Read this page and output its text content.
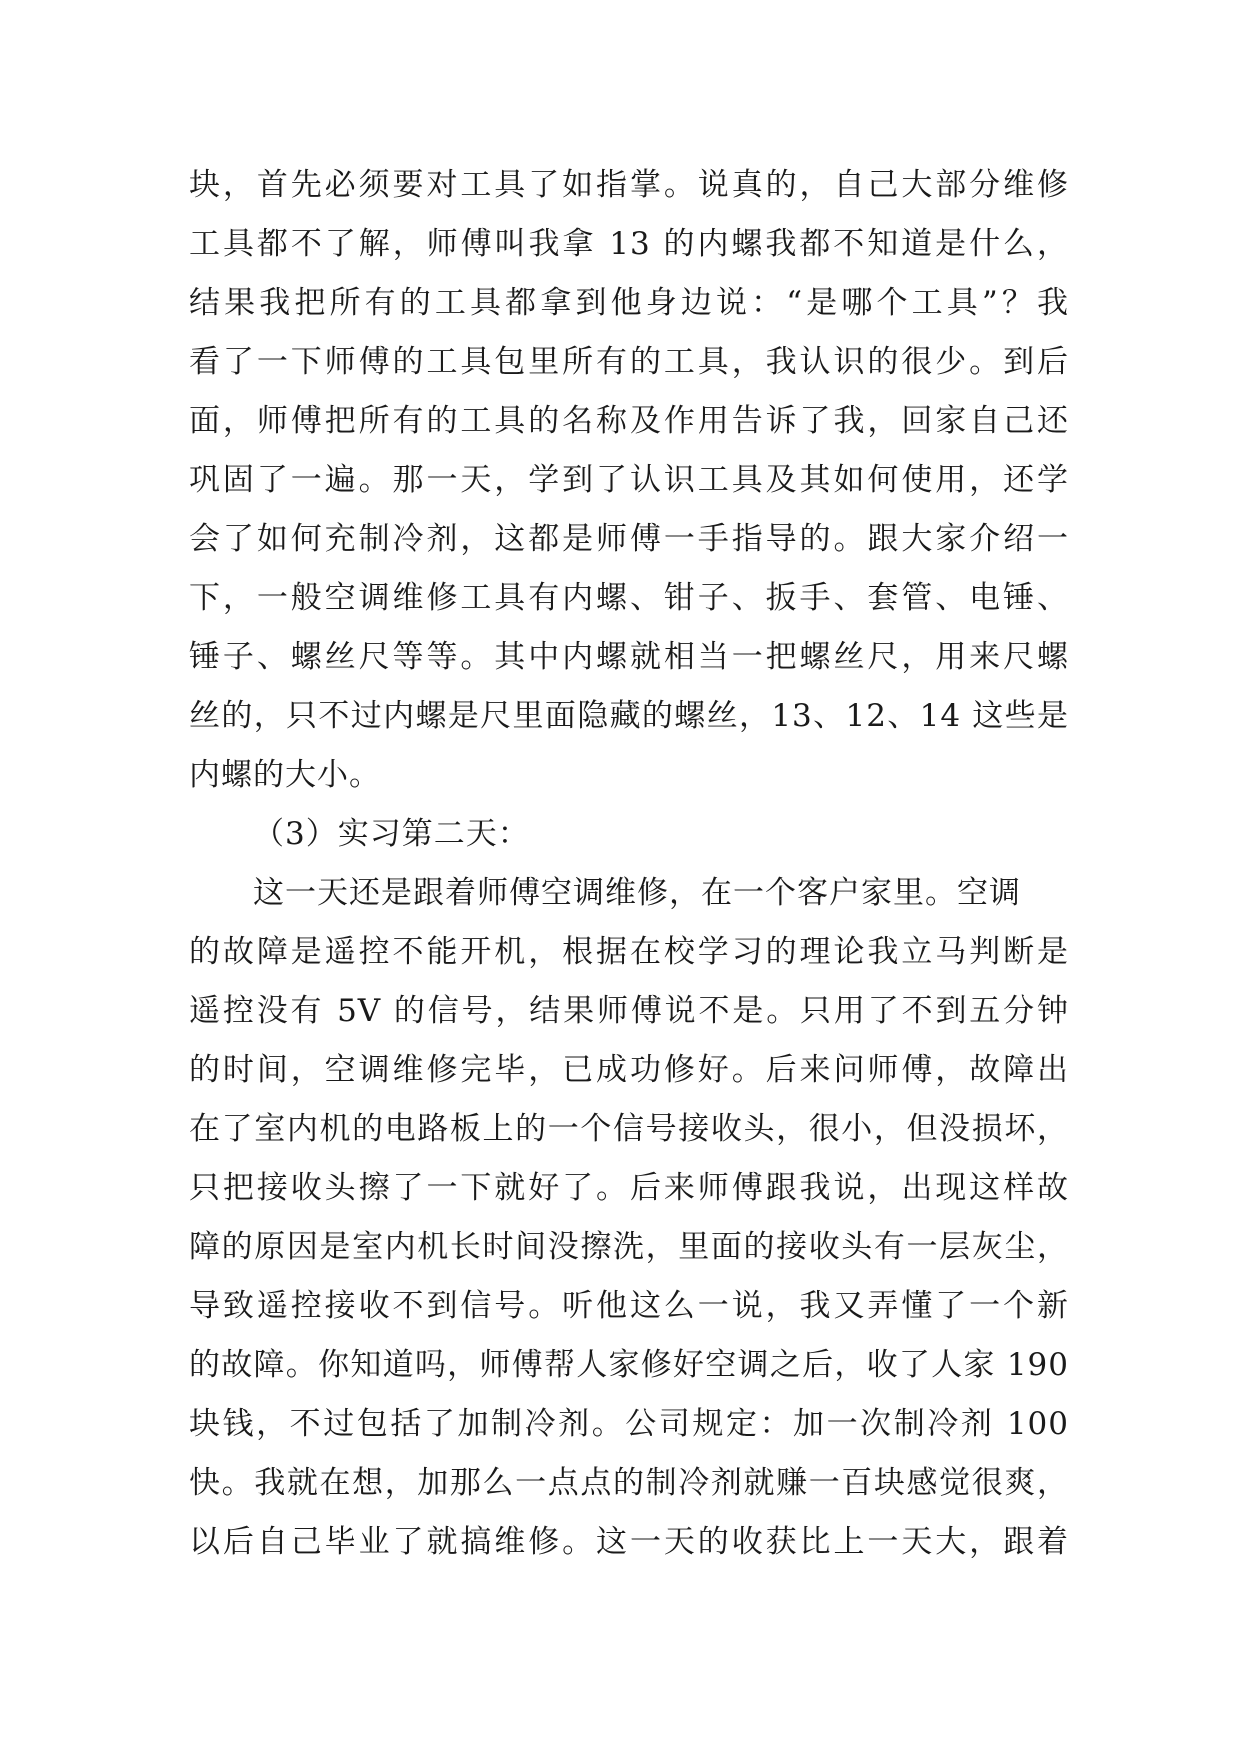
块，首先必须要对工具了如指掌。说真的，自己大部分维修
工具都不了解，师傅叫我拿 13 的内螺我都不知道是什么，
结果我把所有的工具都拿到他身边说：“是哪个工具”？我
看了一下师傅的工具包里所有的工具，我认识的很少。到后
面，师傅把所有的工具的名称及作用告诉了我，回家自己还
巩固了一遍。那一天，学到了认识工具及其如何使用，还学
会了如何充制冷剂，这都是师傅一手指导的。跟大家介绍一
下，一般空调维修工具有内螺、钳子、扳手、套管、电锤、
锤子、螺丝尺等等。其中内螺就相当一把螺丝尺，用来尺螺
丝的，只不过内螺是尺里面隐藏的螺丝，13、12、14 这些是
内螺的大小。
（3）实习第二天：
这一天还是跟着师傅空调维修，在一个客户家里。空调
的故障是遥控不能开机，根据在校学习的理论我立马判断是
遥控没有 5V 的信号，结果师傅说不是。只用了不到五分钟
的时间，空调维修完毕，已成功修好。后来问师傅，故障出
在了室内机的电路板上的一个信号接收头，很小，但没损坏，
只把接收头擦了一下就好了。后来师傅跟我说，出现这样故
障的原因是室内机长时间没擦洗，里面的接收头有一层灰尘，
导致遥控接收不到信号。听他这么一说，我又弄懂了一个新
的故障。你知道吗，师傅帮人家修好空调之后，收了人家 190
块钱，不过包括了加制冷剂。公司规定：加一次制冷剂 100
快。我就在想，加那么一点点的制冷剂就赚一百块感觉很爽，
以后自己毕业了就搞维修。这一天的收获比上一天大，跟着
